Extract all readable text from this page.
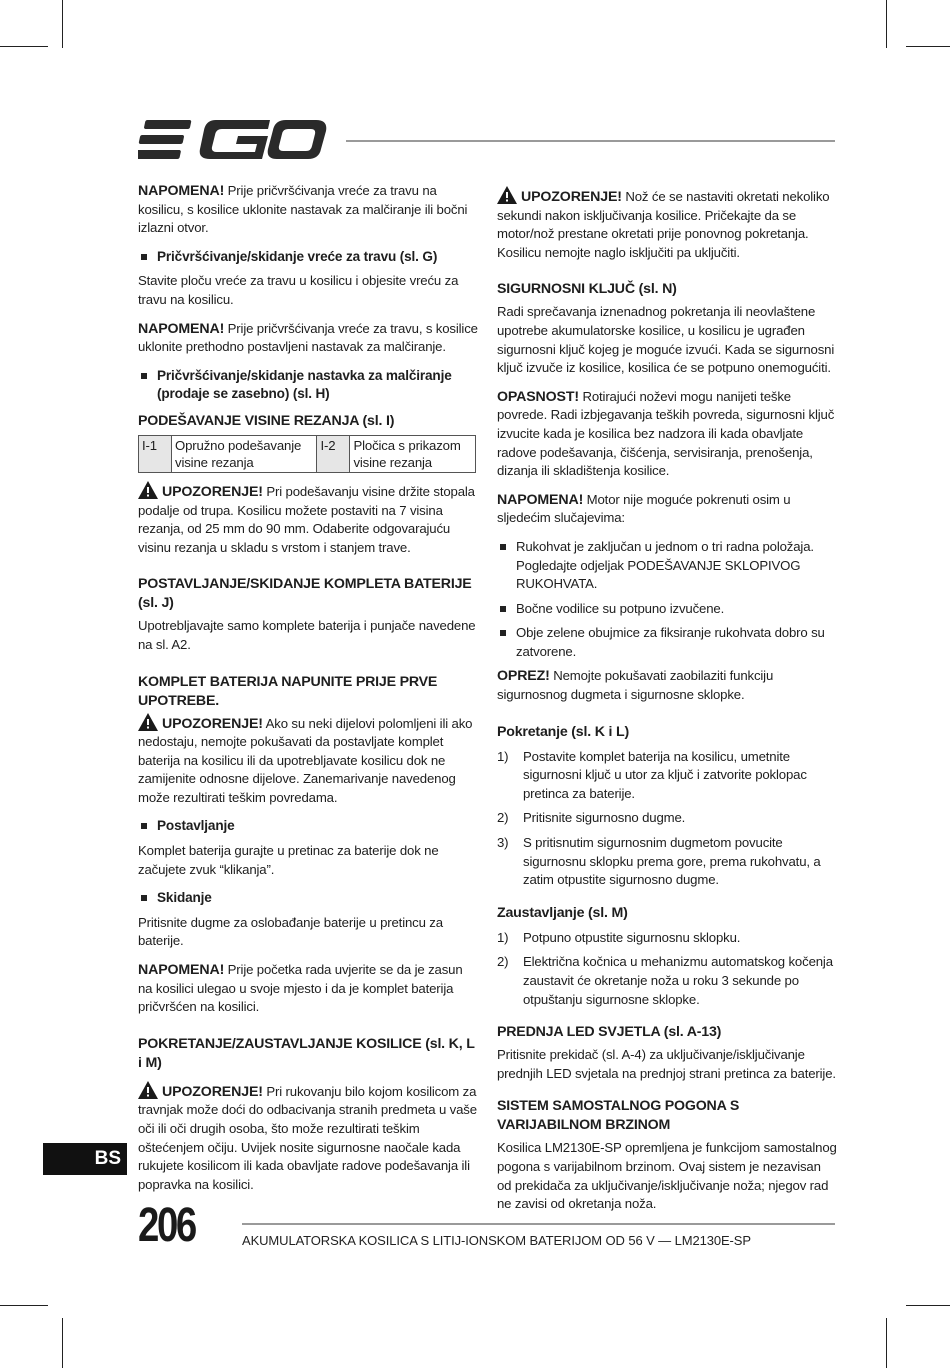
NAPOMENA! Prije pričvršćivanja vreće za travu na kosilicu, s kosilice uklonite nastavak za malčiranje ili bočni izlazni otvor.

Pričvršćivanje/skidanje vreće za travu (sl. G)

Stavite ploču vreće za travu u kosilicu i objesite vreću za travu na kosilicu.

NAPOMENA! Prije pričvršćivanja vreće za travu, s kosilice uklonite prethodno postavljeni nastavak za malčiranje.

Pričvršćivanje/skidanje nastavka za malčiranje (prodaje se zasebno) (sl. H)
PODEŠAVANJE VISINE REZANJA (sl. I)
I-1	Opružno podešavanje visine rezanja	I-2	Pločica s prikazom visine rezanja

UPOZORENJE! Pri podešavanju visine držite stopala podalje od trupa. Kosilicu možete postaviti na 7 visina rezanja, od 25 mm do 90 mm. Odaberite odgovarajuću visinu rezanja u skladu s vrstom i stanjem trave.

POSTAVLJANJE/SKIDANJE KOMPLETA BATERIJE (sl. J)

Upotrebljavajte samo komplete baterija i punjače navedene na sl. A2.

KOMPLET BATERIJA NAPUNITE PRIJE PRVE UPOTREBE.

UPOZORENJE! Ako su neki dijelovi polomljeni ili ako nedostaju, nemojte pokušavati da postavljate komplet baterija na kosilicu ili da upotrebljavate kosilicu dok ne zamijenite odnosne dijelove. Zanemarivanje navedenog može rezultirati teškim povredama.

Postavljanje

Komplet baterija gurajte u pretinac za baterije dok ne začujete zvuk “klikanja”.

Skidanje

Pritisnite dugme za oslobađanje baterije u pretincu za baterije.

NAPOMENA! Prije početka rada uvjerite se da je zasun na kosilici ulegao u svoje mjesto i da je komplet baterija pričvršćen na kosilici.

POKRETANJE/ZAUSTAVLJANJE KOSILICE (sl. K, L i M)

UPOZORENJE! Pri rukovanju bilo kojom kosilicom za travnjak može doći do odbacivanja stranih predmeta u vaše oči ili oči drugih osoba, što može rezultirati teškim oštećenjem očiju. Uvijek nosite sigurnosne naočale kada rukujete kosilicom ili kada obavljate radove podešavanja ili popravka na kosilici.

UPOZORENJE! Nož će se nastaviti okretati nekoliko sekundi nakon isključivanja kosilice. Pričekajte da se motor/nož prestane okretati prije ponovnog pokretanja. Kosilicu nemojte naglo isključiti pa uključiti.

SIGURNOSNI KLJUČ (sl. N)

Radi sprečavanja iznenadnog pokretanja ili neovlaštene upotrebe akumulatorske kosilice, u kosilicu je ugrađen sigurnosni ključ kojeg je moguće izvući. Kada se sigurnosni ključ izvuče iz kosilice, kosilica će se potpuno onemogućiti.

OPASNOST! Rotirajući noževi mogu nanijeti teške povrede. Radi izbjegavanja teških povreda, sigurnosni ključ izvucite kada je kosilica bez nadzora ili kada obavljate radove podešavanja, čišćenja, servisiranja, prenošenja, dizanja ili skladištenja kosilice.

NAPOMENA! Motor nije moguće pokrenuti osim u sljedećim slučajevima:

Rukohvat je zaključan u jednom o tri radna položaja. Pogledajte odjeljak PODEŠAVANJE SKLOPIVOG RUKOHVATA.
Bočne vodilice su potpuno izvučene.
Obje zelene obujmice za fiksiranje rukohvata dobro su zatvorene.

OPREZ! Nemojte pokušavati zaobilaziti funkciju sigurnosnog dugmeta i sigurnosne sklopke.

Pokretanje (sl. K i L)
1)	Postavite komplet baterija na kosilicu, umetnite sigurnosni ključ u utor za ključ i zatvorite poklopac pretinca za baterije.
2)	Pritisnite sigurnosno dugme.
3)	S pritisnutim sigurnosnim dugmetom povucite sigurnosnu sklopku prema gore, prema rukohvatu, a zatim otpustite sigurnosno dugme.
Zaustavljanje (sl. M)
1)	Potpuno otpustite sigurnosnu sklopku.
2)	Električna kočnica u mehanizmu automatskog kočenja zaustavit će okretanje noža u roku 3 sekunde po otpuštanju sigurnosne sklopke.
PREDNJA LED SVJETLA (sl. A-13)

Pritisnite prekidač (sl. A-4) za uključivanje/isključivanje prednjih LED svjetala na prednjoj strani pretinca za baterije.

SISTEM SAMOSTALNOG POGONA S VARIJABILNOM BRZINOM

Kosilica LM2130E-SP opremljena je funkcijom samostalnog pogona s varijabilnom brzinom. Ovaj sistem je nezavisan od prekidača za uključivanje/isključivanje noža; njegov rad ne zavisi od okretanja noža.

BS
206	AKUMULATORSKA KOSILICA S LITIJ-IONSKOM BATERIJOM OD 56 V — LM2130E-SP
